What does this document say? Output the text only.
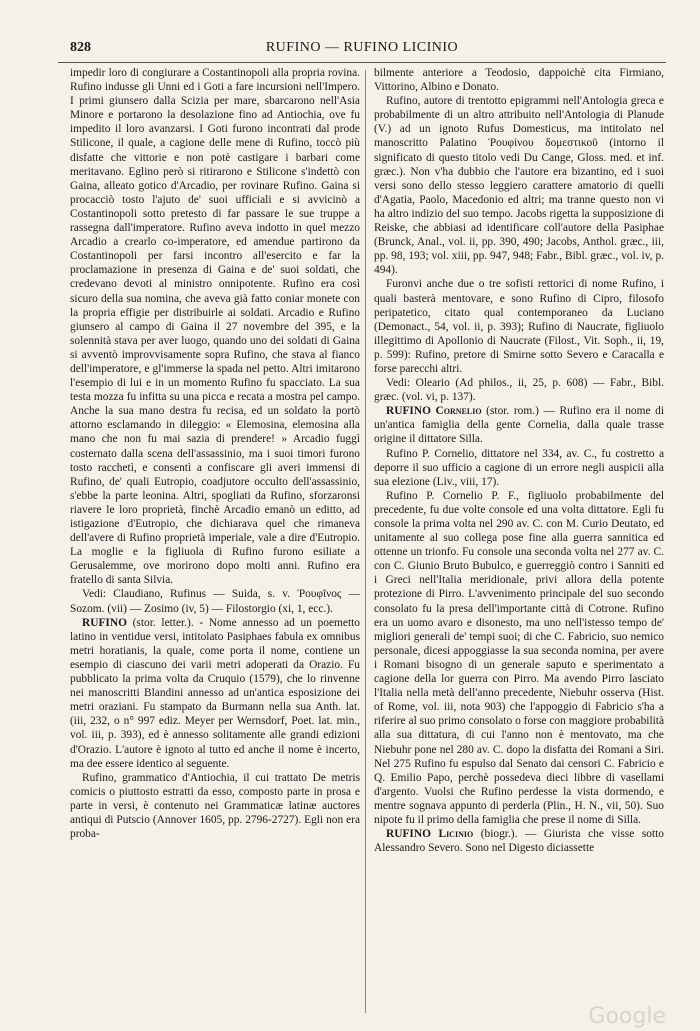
828	RUFINO — RUFINO LICINIO

impedir loro di congiurare a Costantinopoli alla propria rovina. Rufino indusse gli Unni ed i Goti a fare incursioni nell'Impero. I primi giunsero dalla Scizia per mare, sbarcarono nell'Asia Minore e portarono la desolazione fino ad Antiochia, ove fu impedito il loro avanzarsi. I Goti furono incontrati dal prode Stilicone, il quale, a cagione delle mene di Rufino, toccò più disfatte che vittorie e non potè castigare i barbari come meritavano. Eglino però si ritirarono e Stilicone s'indettò con Gaina, alleato gotico d'Arcadio, per rovinare Rufino. Gaina si procacciò tosto l'ajuto de' suoi ufficiali e si avvicinò a Costantinopoli sotto pretesto di far passare le sue truppe a rassegna dall'imperatore. Rufino aveva indotto in quel mezzo Arcadio a crearlo co-imperatore, ed amendue partirono da Costantinopoli per farsi incontro all'esercito e far la proclamazione in presenza di Gaina e de' suoi soldati, che credevano devoti al ministro onnipotente. Rufino era così sicuro della sua nomina, che aveva già fatto coniar monete con la propria effigie per distribuirle ai soldati. Arcadio e Rufino giunsero al campo di Gaina il 27 novembre del 395, e la solennità stava per aver luogo, quando uno dei soldati di Gaina si avventò improvvisamente sopra Rufino, che stava al fianco dell'imperatore, e gl'immerse la spada nel petto. Altri imitarono l'esempio di lui e in un momento Rufino fu spacciato. La sua testa mozza fu infitta su una picca e recata a mostra pel campo. Anche la sua mano destra fu recisa, ed un soldato la portò attorno esclamando in dileggio: « Elemosina, elemosina alla mano che non fu mai sazia di prendere! » Arcadio fuggì costernato dalla scena dell'assassinio, ma i suoi timori furono tosto racchetì, e consentì a confiscare gli averi immensi di Rufino, de' quali Eutropio, coadjutore occulto dell'assassinio, s'ebbe la parte leonina. Altri, spogliati da Rufino, sforzaronsi riavere le loro proprietà, finchè Arcadio emanò un editto, ad istigazione d'Eutropio, che dichiarava quel che rimaneva dell'avere di Rufino proprietà imperiale, vale a dire d'Eutropio. La moglie e la figliuola di Rufino furono esiliate a Gerusalemme, ove morirono dopo molti anni. Rufino era fratello di santa Silvia.

Vedi: Claudiano, Rufinus — Suida, s. v. Ῥουφῖνος — Sozom. (vii) — Zosimo (iv, 5) — Filostorgio (xi, 1, ecc.).

RUFINO (stor. letter.). - Nome annesso ad un poemetto latino in ventidue versi, intitolato Pasiphaes fabula ex omnibus metri horatianis, la quale, come porta il nome, contiene un esempio di ciascuno dei varii metri adoperati da Orazio. Fu pubblicato la prima volta da Cruquio (1579), che lo rinvenne nei manoscritti Blandini annesso ad un'antica esposizione dei metri oraziani. Fu stampato da Burmann nella sua Anth. lat. (iii, 232, o n° 997 ediz. Meyer per Wernsdorf, Poet. lat. min., vol. iii, p. 393), ed è annesso solitamente alle grandi edizioni d'Orazio. L'autore è ignoto al tutto ed anche il nome è incerto, ma dee essere identico al seguente.

Rufino, grammatico d'Antiochia, il cui trattato De metris comicis o piuttosto estratti da esso, composto parte in prosa e parte in versi, è contenuto nei Grammaticæ latinæ auctores antiqui di Putscio (Annover 1605, pp. 2796-2727). Egli non era proba-

bilmente anteriore a Teodosio, dappoichè cita Firmiano, Vittorino, Albino e Donato.

Rufino, autore di trentotto epigrammi nell'Antologia greca e probabilmente di un altro attribuito nell'Antologia di Planude (V.) ad un ignoto Rufus Domesticus, ma intitolato nel manoscritto Palatino Ῥουφίνου δομεστικοῦ (intorno il significato di questo titolo vedi Du Cange, Gloss. med. et inf. græc.). Non v'ha dubbio che l'autore era bizantino, ed i suoi versi sono dello stesso leggiero carattere amatorio di quelli d'Agatia, Paolo, Macedonio ed altri; ma tranne questo non vi ha altro indizio del suo tempo. Jacobs rigetta la supposizione di Reiske, che abbiasi ad identificare coll'autore della Pasiphae (Brunck, Anal., vol. ii, pp. 390, 490; Jacobs, Anthol. græc., iii, pp. 98, 193; vol. xiii, pp. 947, 948; Fabr., Bibl. græc., vol. iv, p. 494).

Furonvi anche due o tre sofisti rettorici di nome Rufino, i quali basterà mentovare, e sono Rufino di Cipro, filosofo peripatetico, citato qual contemporaneo da Luciano (Demonact., 54, vol. ii, p. 393); Rufino di Naucrate, figliuolo illegittimo di Apollonio di Naucrate (Filost., Vit. Soph., ii, 19, p. 599): Rufino, pretore di Smirne sotto Severo e Caracalla e forse parecchi altri.

Vedi: Oleario (Ad philos., ii, 25, p. 608) — Fabr., Bibl. græc. (vol. vi, p. 137).

RUFINO Cornelio (stor. rom.) — Rufino era il nome di un'antica famiglia della gente Cornelia, dalla quale trasse origine il dittatore Silla.

Rufino P. Cornelio, dittatore nel 334, av. C., fu costretto a deporre il suo ufficio a cagione di un errore negli auspicii alla sua elezione (Liv., viii, 17).

Rufino P. Cornelio P. F., figliuolo probabilmente del precedente, fu due volte console ed una volta dittatore. Egli fu console la prima volta nel 290 av. C. con M. Curio Deutato, ed unitamente al suo collega pose fine alla guerra sannitica ed ottenne un trionfo. Fu console una seconda volta nel 277 av. C. con C. Giunio Bruto Bubulco, e guerreggiò contro i Sanniti ed i Greci nell'Italia meridionale, privi allora della potente protezione di Pirro. L'avvenimento principale del suo secondo consolato fu la presa dell'importante città di Cotrone. Rufino era un uomo avaro e disonesto, ma uno nell'istesso tempo de' migliori generali de' tempi suoi; di che C. Fabricio, suo nemico personale, dicesi appoggiasse la sua seconda nomina, per avere i Romani bisogno di un generale saputo e sperimentato a cagione della lor guerra con Pirro. Ma avendo Pirro lasciato l'Italia nella metà dell'anno precedente, Niebuhr osserva (Hist. of Rome, vol. iii, nota 903) che l'appoggio di Fabricio s'ha a riferire al suo primo consolato o forse con maggiore probabilità alla sua dittatura, di cui l'anno non è mentovato, ma che Niebuhr pone nel 280 av. C. dopo la disfatta dei Romani a Siri. Nel 275 Rufino fu espulso dal Senato dai censori C. Fabricio e Q. Emilio Papo, perchè possedeva dieci libbre di vasellami d'argento. Vuolsi che Rufino perdesse la vista dormendo, e mentre sognava appunto di perderla (Plin., H. N., vii, 50). Suo nipote fu il primo della famiglia che prese il nome di Silla.

RUFINO Licinio (biogr.). — Giurista che visse sotto Alessandro Severo. Sono nel Digesto diciassette

Google
